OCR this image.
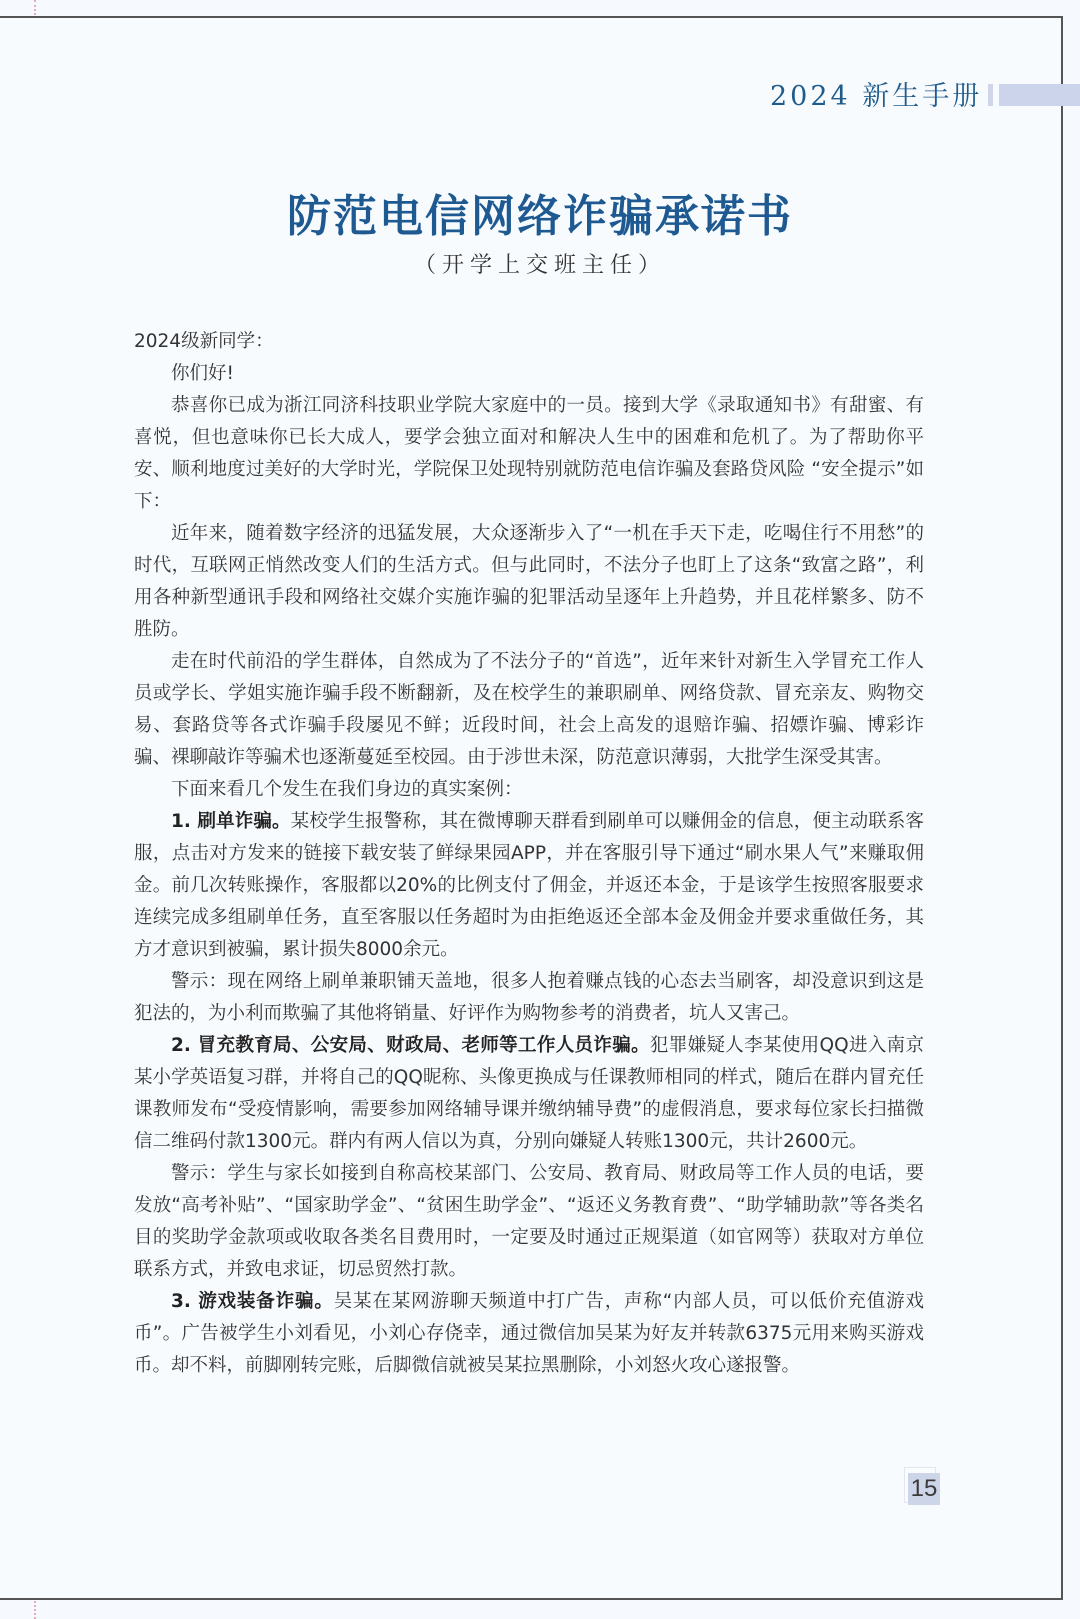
2024 新生手册
防范电信网络诈骗承诺书
（开学上交班主任）

2024级新同学：

你们好!

恭喜你已成为浙江同济科技职业学院大家庭中的一员。接到大学《录取通知书》有甜蜜、有喜悦，但也意味你已长大成人，要学会独立面对和解决人生中的困难和危机了。为了帮助你平安、顺利地度过美好的大学时光，学院保卫处现特别就防范电信诈骗及套路贷风险 “安全提示”如下：

近年来，随着数字经济的迅猛发展，大众逐渐步入了“一机在手天下走，吃喝住行不用愁”的时代，互联网正悄然改变人们的生活方式。但与此同时，不法分子也盯上了这条“致富之路”，利用各种新型通讯手段和网络社交媒介实施诈骗的犯罪活动呈逐年上升趋势，并且花样繁多、防不胜防。

走在时代前沿的学生群体，自然成为了不法分子的“首选”，近年来针对新生入学冒充工作人员或学长、学姐实施诈骗手段不断翻新，及在校学生的兼职刷单、网络贷款、冒充亲友、购物交易、套路贷等各式诈骗手段屡见不鲜；近段时间，社会上高发的退赔诈骗、招嫖诈骗、博彩诈骗、裸聊敲诈等骗术也逐渐蔓延至校园。由于涉世未深，防范意识薄弱，大批学生深受其害。

下面来看几个发生在我们身边的真实案例：

1. 刷单诈骗。某校学生报警称，其在微博聊天群看到刷单可以赚佣金的信息，便主动联系客服，点击对方发来的链接下载安装了鲜绿果园APP，并在客服引导下通过“刷水果人气”来赚取佣金。前几次转账操作，客服都以20%的比例支付了佣金，并返还本金，于是该学生按照客服要求连续完成多组刷单任务，直至客服以任务超时为由拒绝返还全部本金及佣金并要求重做任务，其方才意识到被骗，累计损失8000余元。

警示：现在网络上刷单兼职铺天盖地，很多人抱着赚点钱的心态去当刷客，却没意识到这是犯法的，为小利而欺骗了其他将销量、好评作为购物参考的消费者，坑人又害己。

2. 冒充教育局、公安局、财政局、老师等工作人员诈骗。犯罪嫌疑人李某使用QQ进入南京某小学英语复习群，并将自己的QQ昵称、头像更换成与任课教师相同的样式，随后在群内冒充任课教师发布“受疫情影响，需要参加网络辅导课并缴纳辅导费”的虚假消息，要求每位家长扫描微信二维码付款1300元。群内有两人信以为真，分别向嫌疑人转账1300元，共计2600元。

警示：学生与家长如接到自称高校某部门、公安局、教育局、财政局等工作人员的电话，要发放“高考补贴”、“国家助学金”、“贫困生助学金”、“返还义务教育费”、“助学辅助款”等各类名目的奖助学金款项或收取各类名目费用时，一定要及时通过正规渠道（如官网等）获取对方单位联系方式，并致电求证，切忌贸然打款。

3. 游戏装备诈骗。吴某在某网游聊天频道中打广告，声称“内部人员，可以低价充值游戏币”。广告被学生小刘看见，小刘心存侥幸，通过微信加吴某为好友并转款6375元用来购买游戏币。却不料，前脚刚转完账，后脚微信就被吴某拉黑删除，小刘怒火攻心遂报警。

15
